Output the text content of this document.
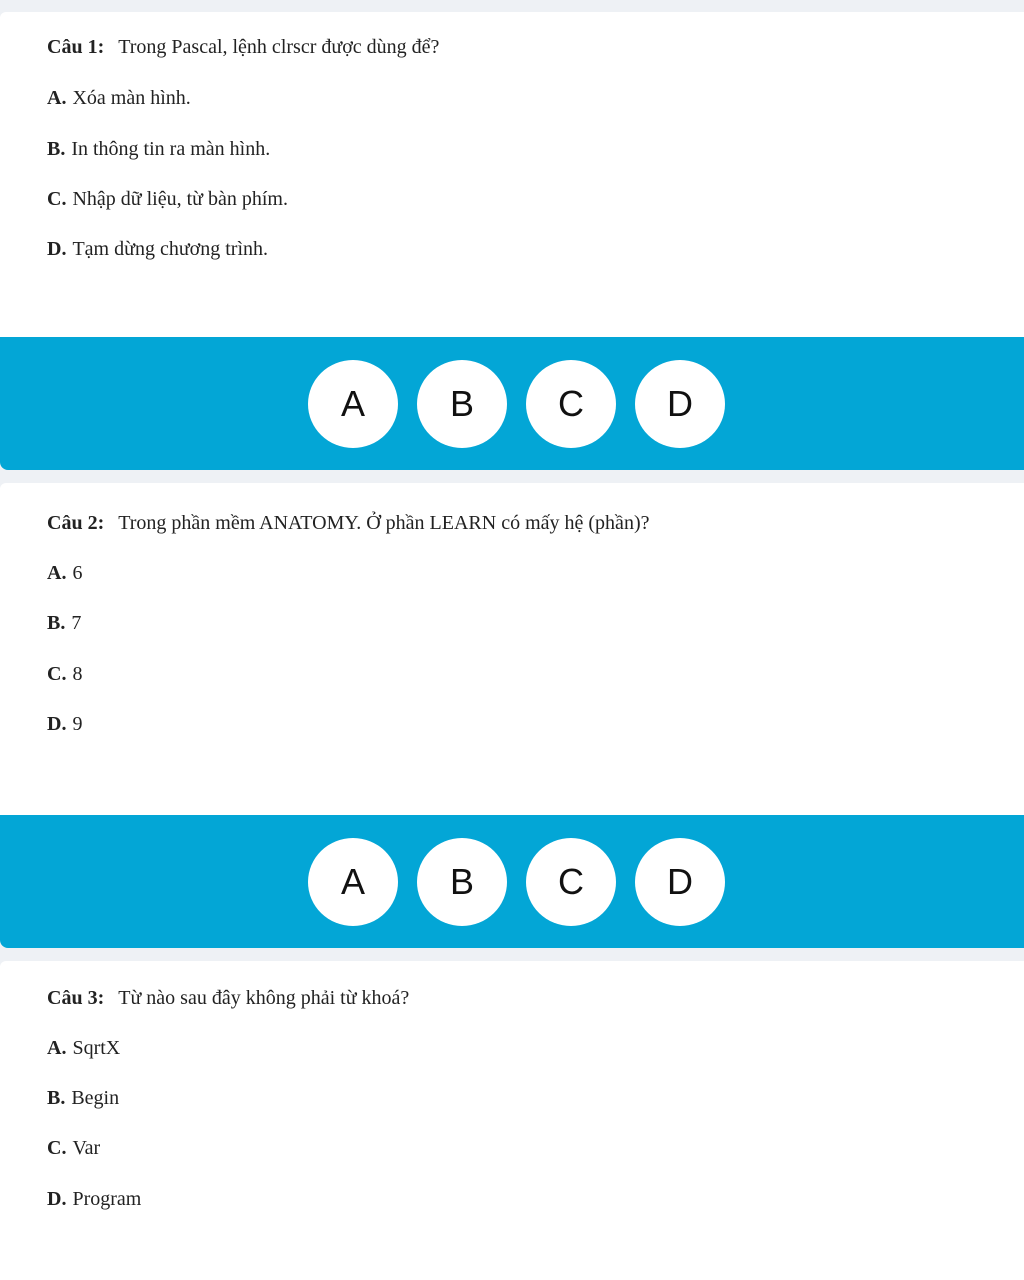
Câu 1: Trong Pascal, lệnh clrscr được dùng để?
A. Xóa màn hình.
B. In thông tin ra màn hình.
C. Nhập dữ liệu, từ bàn phím.
D. Tạm dừng chương trình.
A	B	C	D
Câu 2: Trong phần mềm ANATOMY. Ở phần LEARN có mấy hệ (phần)?
A. 6
B. 7
C. 8
D. 9
A	B	C	D
Câu 3: Từ nào sau đây không phải từ khoá?
A. SqrtX
B. Begin
C. Var
D. Program
